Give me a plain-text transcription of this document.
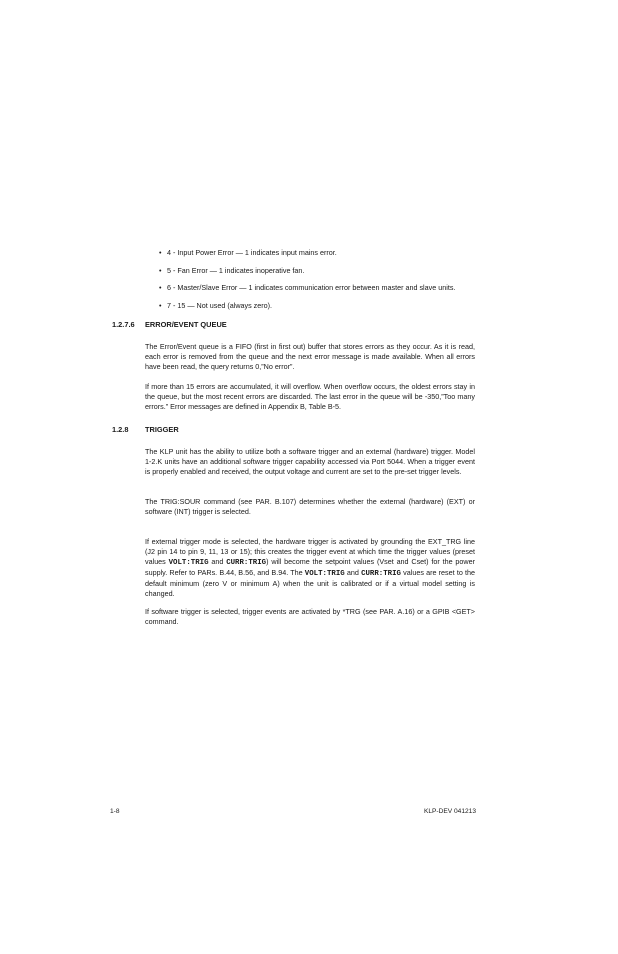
• 4 - Input Power Error — 1 indicates input mains error.
• 5 - Fan Error — 1 indicates inoperative fan.
• 6 - Master/Slave Error — 1 indicates communication error between master and slave units.
• 7 - 15 — Not used (always zero).
1.2.7.6 ERROR/EVENT QUEUE

The Error/Event queue is a FIFO (first in first out) buffer that stores errors as they occur. As it is read, each error is removed from the queue and the next error message is made available. When all errors have been read, the query returns 0,”No error”.

If more than 15 errors are accumulated, it will overflow. When overflow occurs, the oldest errors stay in the queue, but the most recent errors are discarded. The last error in the queue will be -350,”Too many errors.” Error messages are defined in Appendix B, Table B-5.

1.2.8 TRIGGER

The KLP unit has the ability to utilize both a software trigger and an external (hardware) trigger. Model 1-2.K units have an additional software trigger capability accessed via Port 5044. When a trigger event is properly enabled and received, the output voltage and current are set to the pre-set trigger levels.

The TRIG:SOUR command (see PAR. B.107) determines whether the external (hardware) (EXT) or software (INT) trigger is selected.

If external trigger mode is selected, the hardware trigger is activated by grounding the EXT_TRG line (J2 pin 14 to pin 9, 11, 13 or 15); this creates the trigger event at which time the trigger values (preset values VOLT:TRIG and CURR:TRIG) will become the setpoint values (Vset and Cset) for the power supply. Refer to PARs. B.44, B.56, and B.94. The VOLT:TRIG and CURR:TRIG values are reset to the default minimum (zero V or minimum A) when the unit is calibrated or if a virtual model setting is changed.

If software trigger is selected, trigger events are activated by *TRG (see PAR. A.16) or a GPIB <GET> command.

1-8	KLP-DEV 041213
